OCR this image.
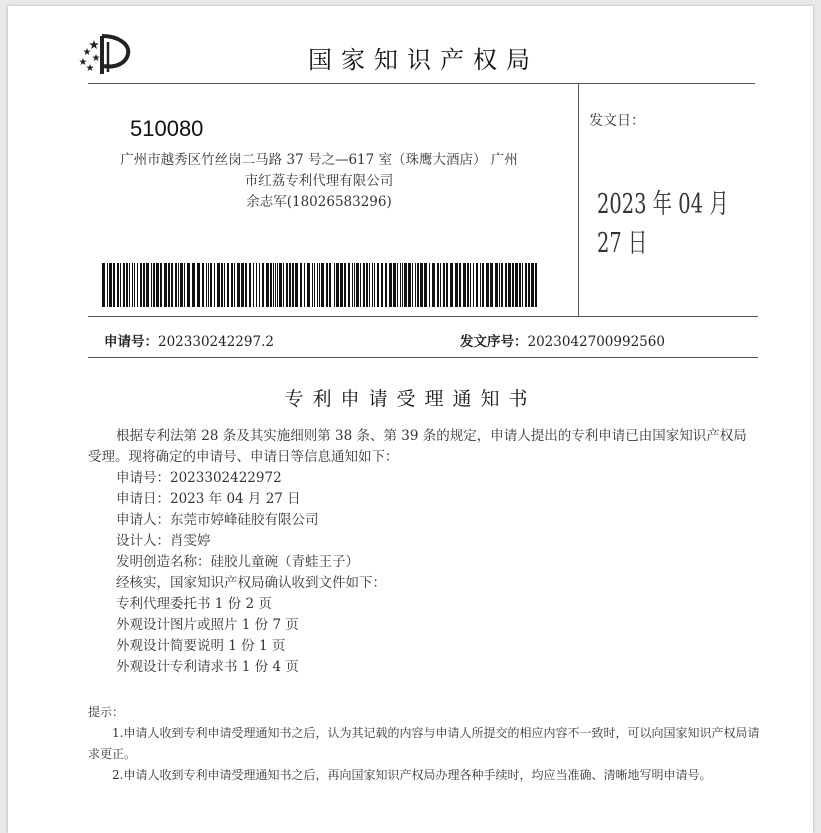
国家知识产权局
510080
广州市越秀区竹丝岗二马路 37 号之—617 室（珠鹰大酒店） 广州
市红荔专利代理有限公司
余志军(18026583296)
发文日：
2023 年 04 月 27 日
申请号：202330242297.2	发文序号：2023042700992560
专利申请受理通知书

根据专利法第 28 条及其实施细则第 38 条、第 39 条的规定，申请人提出的专利申请已由国家知识产权局受理。现将确定的申请号、申请日等信息通知如下：

申请号：2023302422972

申请日：2023 年 04 月 27 日

申请人：东莞市婷峰硅胶有限公司

设计人：肖雯婷

发明创造名称：硅胶儿童碗（青蛙王子）

经核实，国家知识产权局确认收到文件如下：

专利代理委托书 1 份 2 页

外观设计图片或照片 1 份 7 页

外观设计简要说明 1 份 1 页

外观设计专利请求书 1 份 4 页

提示：

1.申请人收到专利申请受理通知书之后，认为其记载的内容与申请人所提交的相应内容不一致时，可以向国家知识产权局请求更正。

2.申请人收到专利申请受理通知书之后，再向国家知识产权局办理各种手续时，均应当准确、清晰地写明申请号。
